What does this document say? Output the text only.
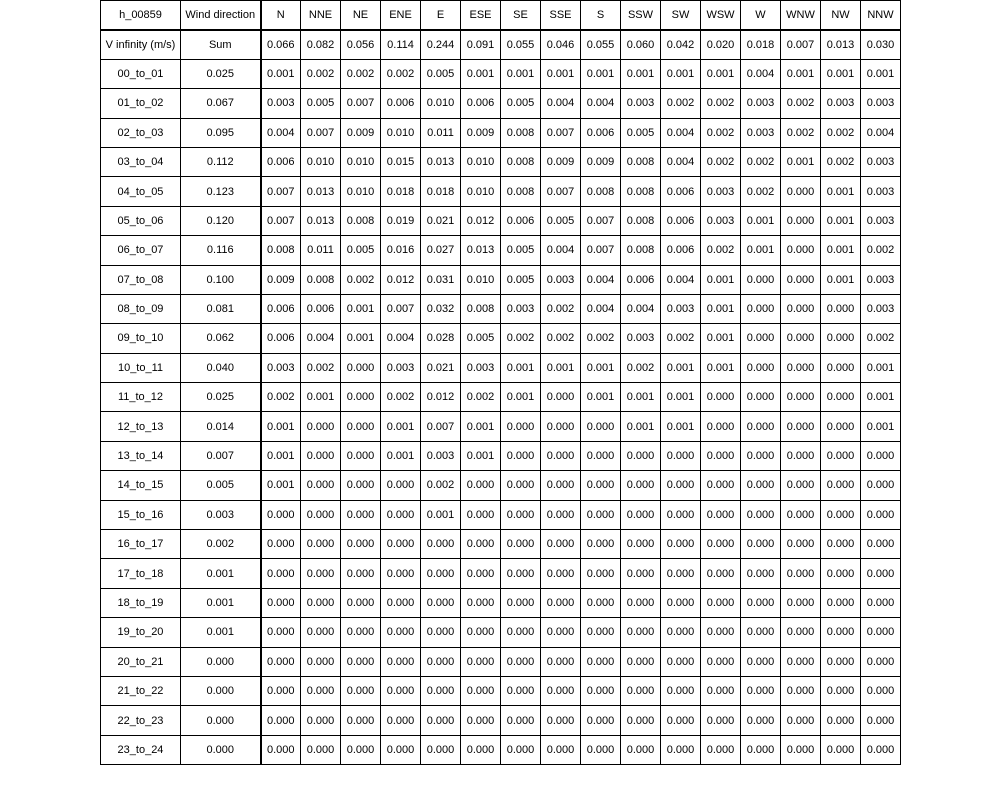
h_00859	Wind direction	N	NNE	NE	ENE	E	ESE	SE	SSE	S	SSW	SW	WSW	W	WNW	NW	NNW
V infinity (m/s)	Sum	0.066	0.082	0.056	0.114	0.244	0.091	0.055	0.046	0.055	0.060	0.042	0.020	0.018	0.007	0.013	0.030
00_to_01	0.025	0.001	0.002	0.002	0.002	0.005	0.001	0.001	0.001	0.001	0.001	0.001	0.001	0.004	0.001	0.001	0.001
01_to_02	0.067	0.003	0.005	0.007	0.006	0.010	0.006	0.005	0.004	0.004	0.003	0.002	0.002	0.003	0.002	0.003	0.003
02_to_03	0.095	0.004	0.007	0.009	0.010	0.011	0.009	0.008	0.007	0.006	0.005	0.004	0.002	0.003	0.002	0.002	0.004
03_to_04	0.112	0.006	0.010	0.010	0.015	0.013	0.010	0.008	0.009	0.009	0.008	0.004	0.002	0.002	0.001	0.002	0.003
04_to_05	0.123	0.007	0.013	0.010	0.018	0.018	0.010	0.008	0.007	0.008	0.008	0.006	0.003	0.002	0.000	0.001	0.003
05_to_06	0.120	0.007	0.013	0.008	0.019	0.021	0.012	0.006	0.005	0.007	0.008	0.006	0.003	0.001	0.000	0.001	0.003
06_to_07	0.116	0.008	0.011	0.005	0.016	0.027	0.013	0.005	0.004	0.007	0.008	0.006	0.002	0.001	0.000	0.001	0.002
07_to_08	0.100	0.009	0.008	0.002	0.012	0.031	0.010	0.005	0.003	0.004	0.006	0.004	0.001	0.000	0.000	0.001	0.003
08_to_09	0.081	0.006	0.006	0.001	0.007	0.032	0.008	0.003	0.002	0.004	0.004	0.003	0.001	0.000	0.000	0.000	0.003
09_to_10	0.062	0.006	0.004	0.001	0.004	0.028	0.005	0.002	0.002	0.002	0.003	0.002	0.001	0.000	0.000	0.000	0.002
10_to_11	0.040	0.003	0.002	0.000	0.003	0.021	0.003	0.001	0.001	0.001	0.002	0.001	0.001	0.000	0.000	0.000	0.001
11_to_12	0.025	0.002	0.001	0.000	0.002	0.012	0.002	0.001	0.000	0.001	0.001	0.001	0.000	0.000	0.000	0.000	0.001
12_to_13	0.014	0.001	0.000	0.000	0.001	0.007	0.001	0.000	0.000	0.000	0.001	0.001	0.000	0.000	0.000	0.000	0.001
13_to_14	0.007	0.001	0.000	0.000	0.001	0.003	0.001	0.000	0.000	0.000	0.000	0.000	0.000	0.000	0.000	0.000	0.000
14_to_15	0.005	0.001	0.000	0.000	0.000	0.002	0.000	0.000	0.000	0.000	0.000	0.000	0.000	0.000	0.000	0.000	0.000
15_to_16	0.003	0.000	0.000	0.000	0.000	0.001	0.000	0.000	0.000	0.000	0.000	0.000	0.000	0.000	0.000	0.000	0.000
16_to_17	0.002	0.000	0.000	0.000	0.000	0.000	0.000	0.000	0.000	0.000	0.000	0.000	0.000	0.000	0.000	0.000	0.000
17_to_18	0.001	0.000	0.000	0.000	0.000	0.000	0.000	0.000	0.000	0.000	0.000	0.000	0.000	0.000	0.000	0.000	0.000
18_to_19	0.001	0.000	0.000	0.000	0.000	0.000	0.000	0.000	0.000	0.000	0.000	0.000	0.000	0.000	0.000	0.000	0.000
19_to_20	0.001	0.000	0.000	0.000	0.000	0.000	0.000	0.000	0.000	0.000	0.000	0.000	0.000	0.000	0.000	0.000	0.000
20_to_21	0.000	0.000	0.000	0.000	0.000	0.000	0.000	0.000	0.000	0.000	0.000	0.000	0.000	0.000	0.000	0.000	0.000
21_to_22	0.000	0.000	0.000	0.000	0.000	0.000	0.000	0.000	0.000	0.000	0.000	0.000	0.000	0.000	0.000	0.000	0.000
22_to_23	0.000	0.000	0.000	0.000	0.000	0.000	0.000	0.000	0.000	0.000	0.000	0.000	0.000	0.000	0.000	0.000	0.000
23_to_24	0.000	0.000	0.000	0.000	0.000	0.000	0.000	0.000	0.000	0.000	0.000	0.000	0.000	0.000	0.000	0.000	0.000
